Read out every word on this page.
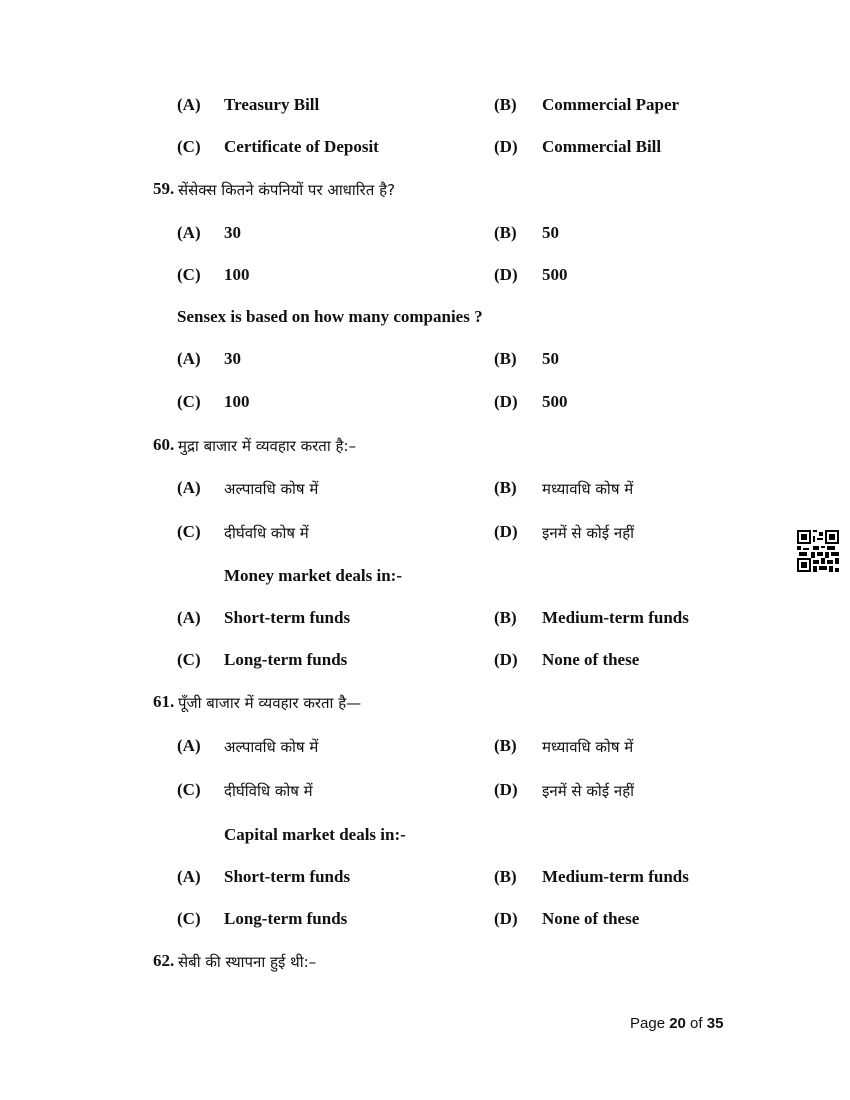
(A) Treasury Bill	(B) Commercial Paper
(C) Certificate of Deposit	(D) Commercial Bill
59. सेंसेक्स कितने कंपनियों पर आधारित है?
(A) 30	(B) 50
(C) 100	(D) 500
Sensex is based on how many companies ?
(A) 30	(B) 50
(C) 100	(D) 500
60. मुद्रा बाजार में व्यवहार करता है:–
(A) अल्पावधि कोष में	(B) मध्यावधि कोष में
(C) दीर्घवधि कोष में	(D) इनमें से कोई नहीं
Money market deals in:-
(A) Short-term funds	(B) Medium-term funds
(C) Long-term funds	(D) None of these
61. पूँजी बाजार में व्यवहार करता है—
(A) अल्पावधि कोष में	(B) मध्यावधि कोष में
(C) दीर्घविधि कोष में	(D) इनमें से कोई नहीं
Capital market deals in:-
(A) Short-term funds	(B) Medium-term funds
(C) Long-term funds	(D) None of these
62. सेबी की स्थापना हुई थी:–
Page 20 of 35
